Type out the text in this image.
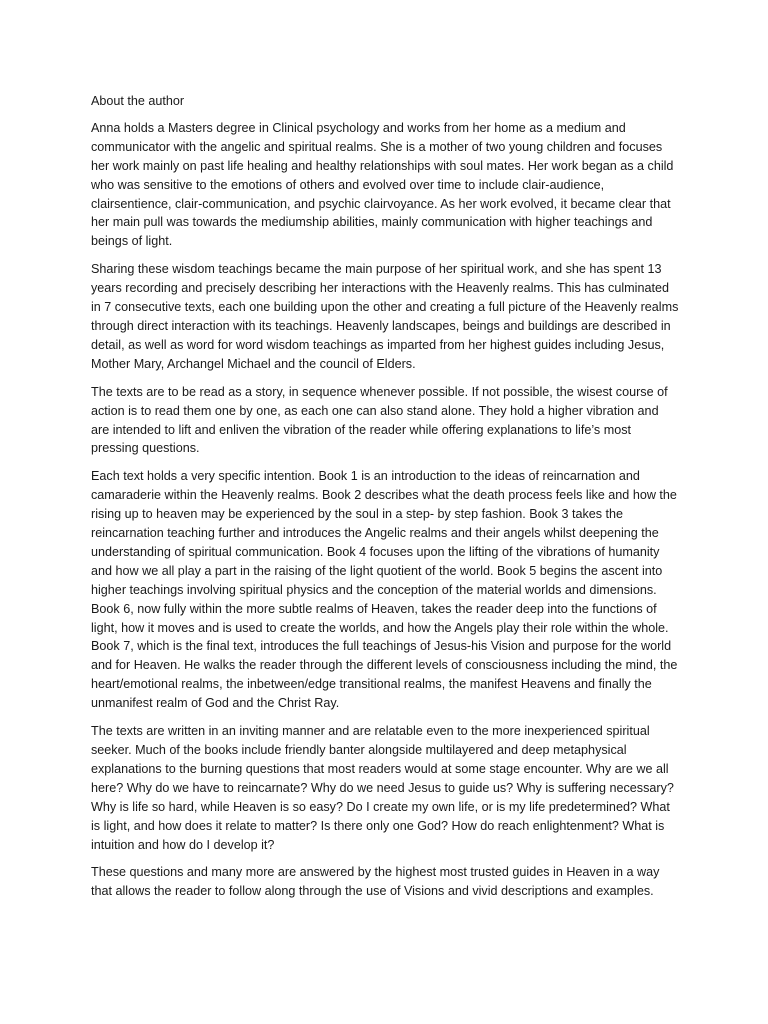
About the author

Anna holds a Masters degree in Clinical psychology and works from her home as a medium and communicator with the angelic and spiritual realms. She is a mother of two young children and focuses her work mainly on past life healing and healthy relationships with soul mates. Her work began as a child who was sensitive to the emotions of others and evolved over time to include clair-audience, clairsentience, clair-communication, and psychic clairvoyance. As her work evolved, it became clear that her main pull was towards the mediumship abilities, mainly communication with higher teachings and beings of light.

Sharing these wisdom teachings became the main purpose of her spiritual work, and she has spent 13 years recording and precisely describing her interactions with the Heavenly realms. This has culminated in 7 consecutive texts, each one building upon the other and creating a full picture of the Heavenly realms through direct interaction with its teachings. Heavenly landscapes, beings and buildings are described in detail, as well as word for word wisdom teachings as imparted from her highest guides including Jesus, Mother Mary, Archangel Michael and the council of Elders.

The texts are to be read as a story, in sequence whenever possible. If not possible, the wisest course of action is to read them one by one, as each one can also stand alone. They hold a higher vibration and are intended to lift and enliven the vibration of the reader while offering explanations to life’s most pressing questions.

Each text holds a very specific intention. Book 1 is an introduction to the ideas of reincarnation and camaraderie within the Heavenly realms. Book 2 describes what the death process feels like and how the rising up to heaven may be experienced by the soul in a step- by step fashion. Book 3 takes the reincarnation teaching further and introduces the Angelic realms and their angels whilst deepening the understanding of spiritual communication. Book 4 focuses upon the lifting of the vibrations of humanity and how we all play a part in the raising of the light quotient of the world. Book 5 begins the ascent into higher teachings involving spiritual physics and the conception of the material worlds and dimensions. Book 6, now fully within the more subtle realms of Heaven, takes the reader deep into the functions of light, how it moves and is used to create the worlds, and how the Angels play their role within the whole. Book 7, which is the final text, introduces the full teachings of Jesus-his Vision and purpose for the world and for Heaven. He walks the reader through the different levels of consciousness including the mind, the heart/emotional realms, the inbetween/edge transitional realms, the manifest Heavens and finally the unmanifest realm of God and the Christ Ray.

The texts are written in an inviting manner and are relatable even to the more inexperienced spiritual seeker. Much of the books include friendly banter alongside multilayered and deep metaphysical explanations to the burning questions that most readers would at some stage encounter. Why are we all here? Why do we have to reincarnate? Why do we need Jesus to guide us? Why is suffering necessary? Why is life so hard, while Heaven is so easy? Do I create my own life, or is my life predetermined? What is light, and how does it relate to matter? Is there only one God? How do reach enlightenment? What is intuition and how do I develop it?

These questions and many more are answered by the highest most trusted guides in Heaven in a way that allows the reader to follow along through the use of Visions and vivid descriptions and examples.
